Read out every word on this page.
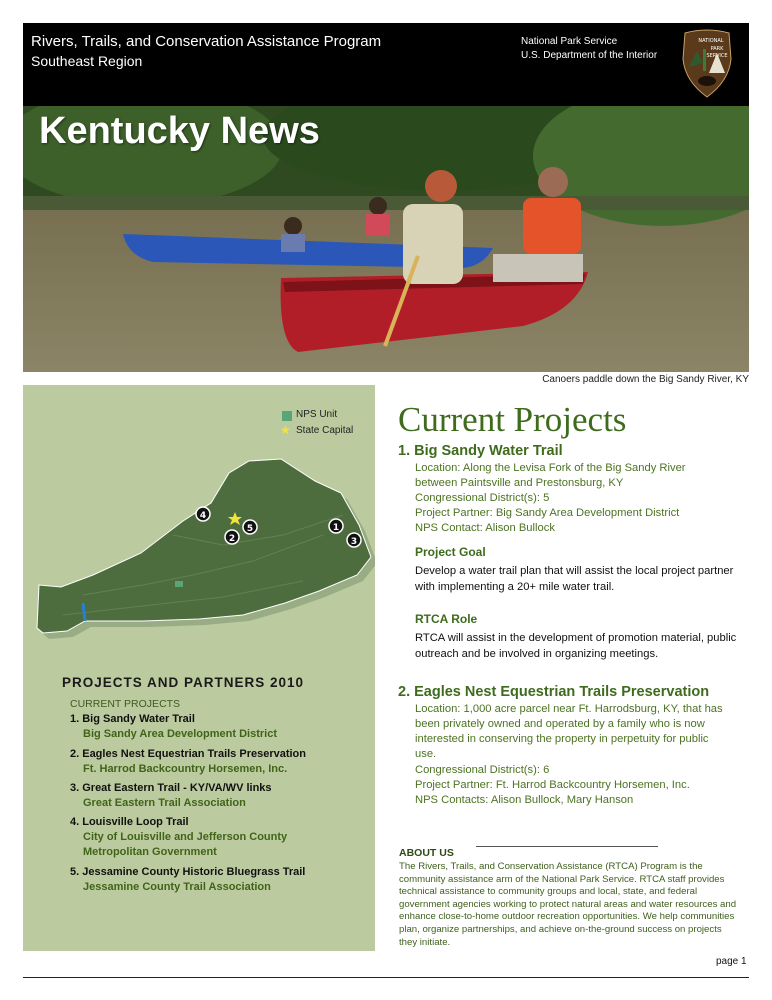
Rivers, Trails, and Conservation Assistance Program
Southeast Region
National Park Service
U.S. Department of the Interior
NATIONAL
PARK
SERVICE
Kentucky News
Canoers paddle down the Big Sandy River, KY
4
5
2
1
3
NPS Unit
★ State Capital
PROJECTS AND PARTNERS 2010
CURRENT PROJECTS
1. Big Sandy Water Trail
Big Sandy Area Development District
2. Eagles Nest Equestrian Trails Preservation
Ft. Harrod Backcountry Horsemen, Inc.
3. Great Eastern Trail - KY/VA/WV links
Great Eastern Trail Association
4. Louisville Loop Trail
City of Louisville and Jefferson County
Metropolitan Government
5. Jessamine County Historic Bluegrass Trail
Jessamine County Trail Association
Current Projects
1. Big Sandy Water Trail
Location: Along the Levisa Fork of the Big Sandy River
between Paintsville and Prestonsburg, KY
Congressional District(s): 5
Project Partner: Big Sandy Area Development District
NPS Contact: Alison Bullock
Project Goal
Develop a water trail plan that will assist the local project partner with implementing a 20+ mile water trail.
RTCA Role
RTCA will assist in the development of promotion material, public outreach and be involved in organizing meetings.
2. Eagles Nest Equestrian Trails Preservation
Location: 1,000 acre parcel near Ft. Harrodsburg, KY, that has
been privately owned and operated by a family who is now
interested in conserving the property in perpetuity for public
use.
Congressional District(s): 6
Project Partner: Ft. Harrod Backcountry Horsemen, Inc.
NPS Contacts: Alison Bullock, Mary Hanson
ABOUT US
The Rivers, Trails, and Conservation Assistance (RTCA) Program is the community assistance arm of the National Park Service. RTCA staff provides technical assistance to community groups and local, state, and federal government agencies working to protect natural areas and water resources and enhance close-to-home outdoor recreation opportunities. We help communities plan, organize partnerships, and achieve on-the-ground success on projects they initiate.
page 1
